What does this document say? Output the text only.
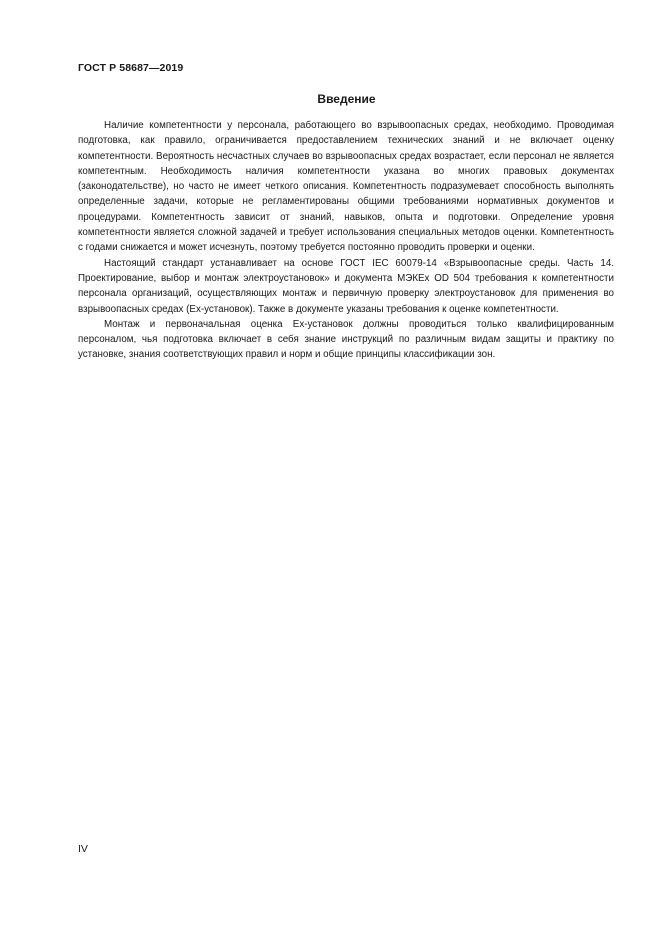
ГОСТ Р 58687—2019

Введение

Наличие компетентности у персонала, работающего во взрывоопасных средах, необходимо. Проводимая подготовка, как правило, ограничивается предоставлением технических знаний и не включает оценку компетентности. Вероятность несчастных случаев во взрывоопасных средах возрастает, если персонал не является компетентным. Необходимость наличия компетентности указана во многих правовых документах (законодательстве), но часто не имеет четкого описания. Компетентность подразумевает способность выполнять определенные задачи, которые не регламентированы общими требованиями нормативных документов и процедурами. Компетентность зависит от знаний, навыков, опыта и подготовки. Определение уровня компетентности является сложной задачей и требует использования специальных методов оценки. Компетентность с годами снижается и может исчезнуть, поэтому требуется постоянно проводить проверки и оценки.

Настоящий стандарт устанавливает на основе ГОСТ IEC 60079-14 «Взрывоопасные среды. Часть 14. Проектирование, выбор и монтаж электроустановок» и документа МЭКЕх OD 504 требования к компетентности персонала организаций, осуществляющих монтаж и первичную проверку электроустановок для применения во взрывоопасных средах (Ех-установок). Также в документе указаны требования к оценке компетентности.

Монтаж и первоначальная оценка Ех-установок должны проводиться только квалифицированным персоналом, чья подготовка включает в себя знание инструкций по различным видам защиты и практику по установке, знания соответствующих правил и норм и общие принципы классификации зон.

IV
